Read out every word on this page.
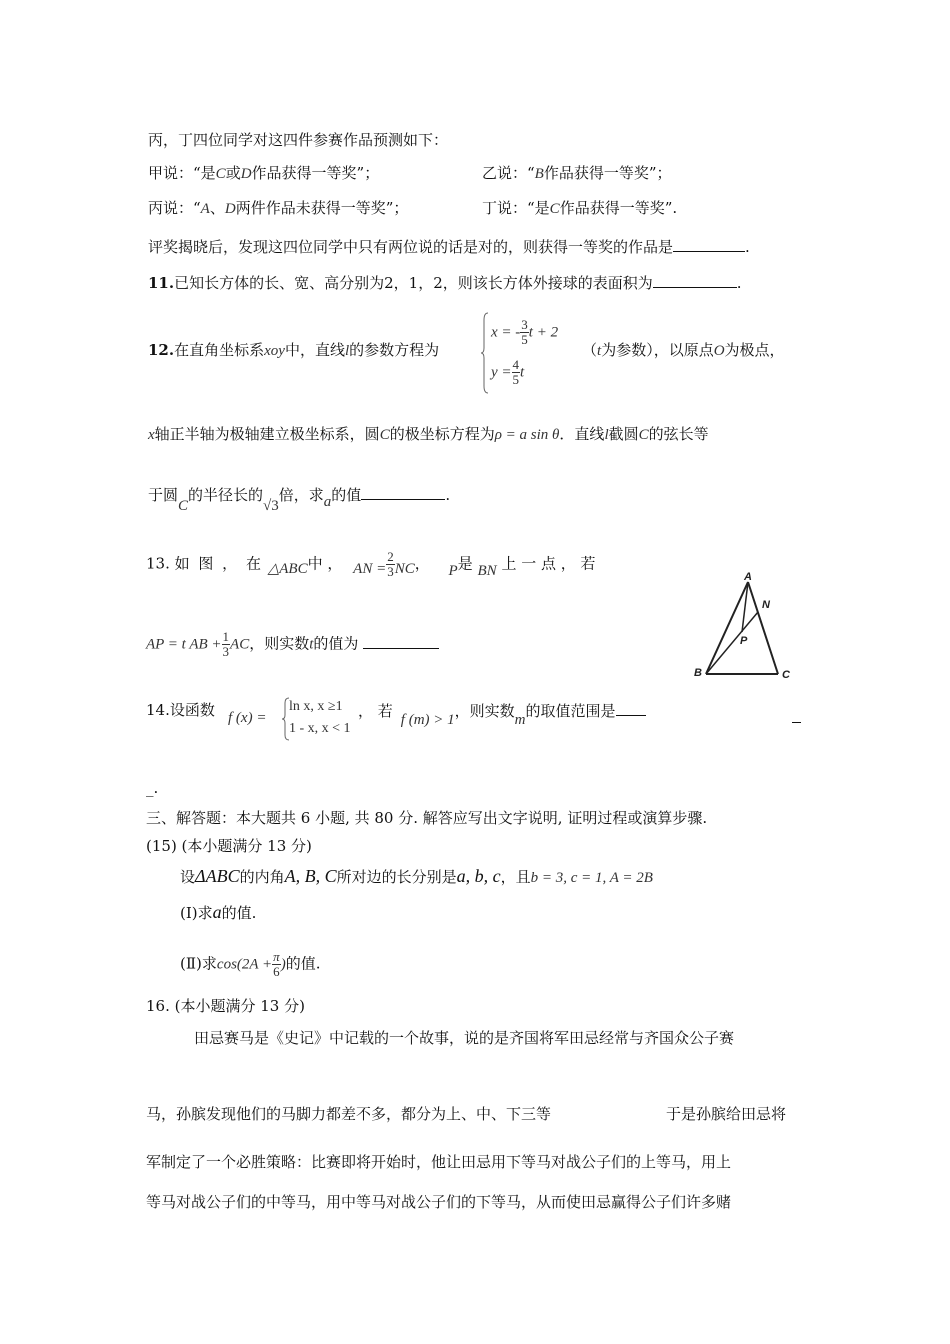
丙，丁四位同学对这四件参赛作品预测如下：
甲说：“是C或D作品获得一等奖”；	乙说：“B作品获得一等奖”；
丙说：“A、D两件作品未获得一等奖”；	丁说：“是C作品获得一等奖”.
评奖揭晓后，发现这四位同学中只有两位说的话是对的，则获得一等奖的作品是	.
11.已知长方体的长、宽、高分别为2，1，2，则该长方体外接球的表面积为	.
12.在直角坐标系xoy中，直线l的参数方程为
x = - $\frac{3}{5}$ t + 2
$y = \frac{4}{5}$ t
（t为参数），以原点O为极点，
x轴正半轴为极轴建立极坐标系，圆C的极坐标方程为ρ = a sin θ．直线l截圆C的弦长等
于圆C的半径长的√3倍，求a的值	.
13. 如 图 ， 在 △ABC中 ， AN = $\frac{2}{3}$ NC， P是 BN 上 一 点 ， 若
AP = t AB + $\frac{1}{3}$ AC，则实数t的值为
A
N
P
B	C
14.设函数 f (x) =
ln x, x ≥1
1 - x, x < 1
， 若 f (m) > 1，则实数m的取值范围是
_.
三、解答题：本大题共 6 小题, 共 80 分. 解答应写出文字说明, 证明过程或演算步骤.
(15) (本小题满分 13 分)
设ΔABC的内角A, B, C所对边的长分别是a, b, c，且b = 3, c = 1, A = 2B
(Ⅰ)求a的值.
(Ⅱ)求$\cos(2A + \frac{\pi}{6}$ )的值.
16. (本小题满分 13 分)
田忌赛马是《史记》中记载的一个故事，说的是齐国将军田忌经常与齐国众公子赛
马，孙膑发现他们的马脚力都差不多，都分为上、中、下三等	于是孙膑给田忌将
军制定了一个必胜策略：比赛即将开始时，他让田忌用下等马对战公子们的上等马，用上
等马对战公子们的中等马，用中等马对战公子们的下等马，从而使田忌赢得公子们许多赌
